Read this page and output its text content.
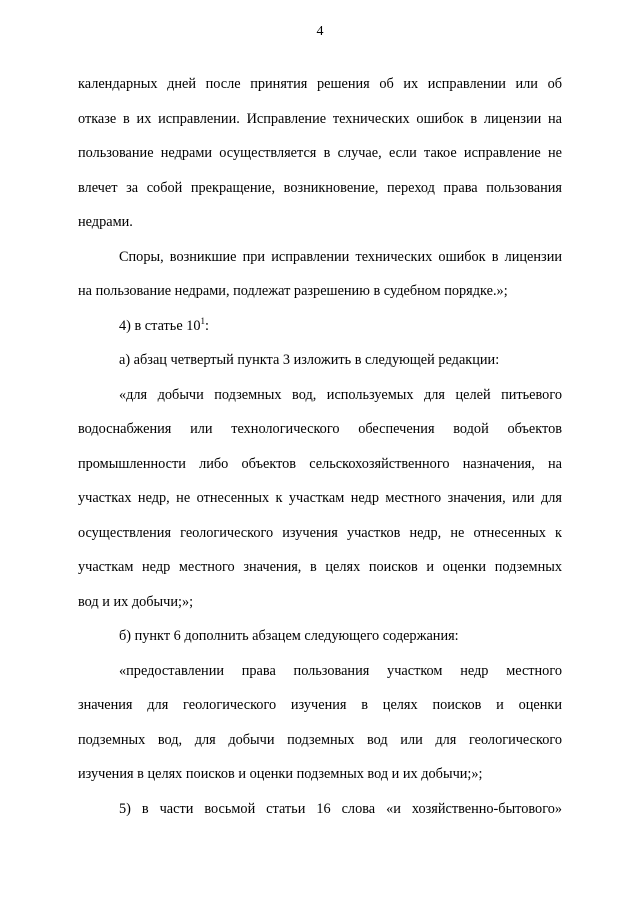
4
календарных дней после принятия решения об их исправлении или об
отказе в их исправлении. Исправление технических ошибок в лицензии на
пользование недрами осуществляется в случае, если такое исправление не
влечет за собой прекращение, возникновение, переход права пользования
недрами.
Споры, возникшие при исправлении технических ошибок в лицензии
на пользование недрами, подлежат разрешению в судебном порядке.»;
4) в статье $10^1$:
а) абзац четвертый пункта 3 изложить в следующей редакции:
«для добычи подземных вод, используемых для целей питьевого
водоснабжения или технологического обеспечения водой объектов
промышленности либо объектов сельскохозяйственного назначения, на
участках недр, не отнесенных к участкам недр местного значения, или для
осуществления геологического изучения участков недр, не отнесенных к
участкам недр местного значения, в целях поисков и оценки подземных
вод и их добычи;»;
б) пункт 6 дополнить абзацем следующего содержания:
«предоставлении права пользования участком недр местного
значения для геологического изучения в целях поисков и оценки
подземных вод, для добычи подземных вод или для геологического
изучения в целях поисков и оценки подземных вод и их добычи;»;
5) в части восьмой статьи 16 слова «и хозяйственно-бытового»
